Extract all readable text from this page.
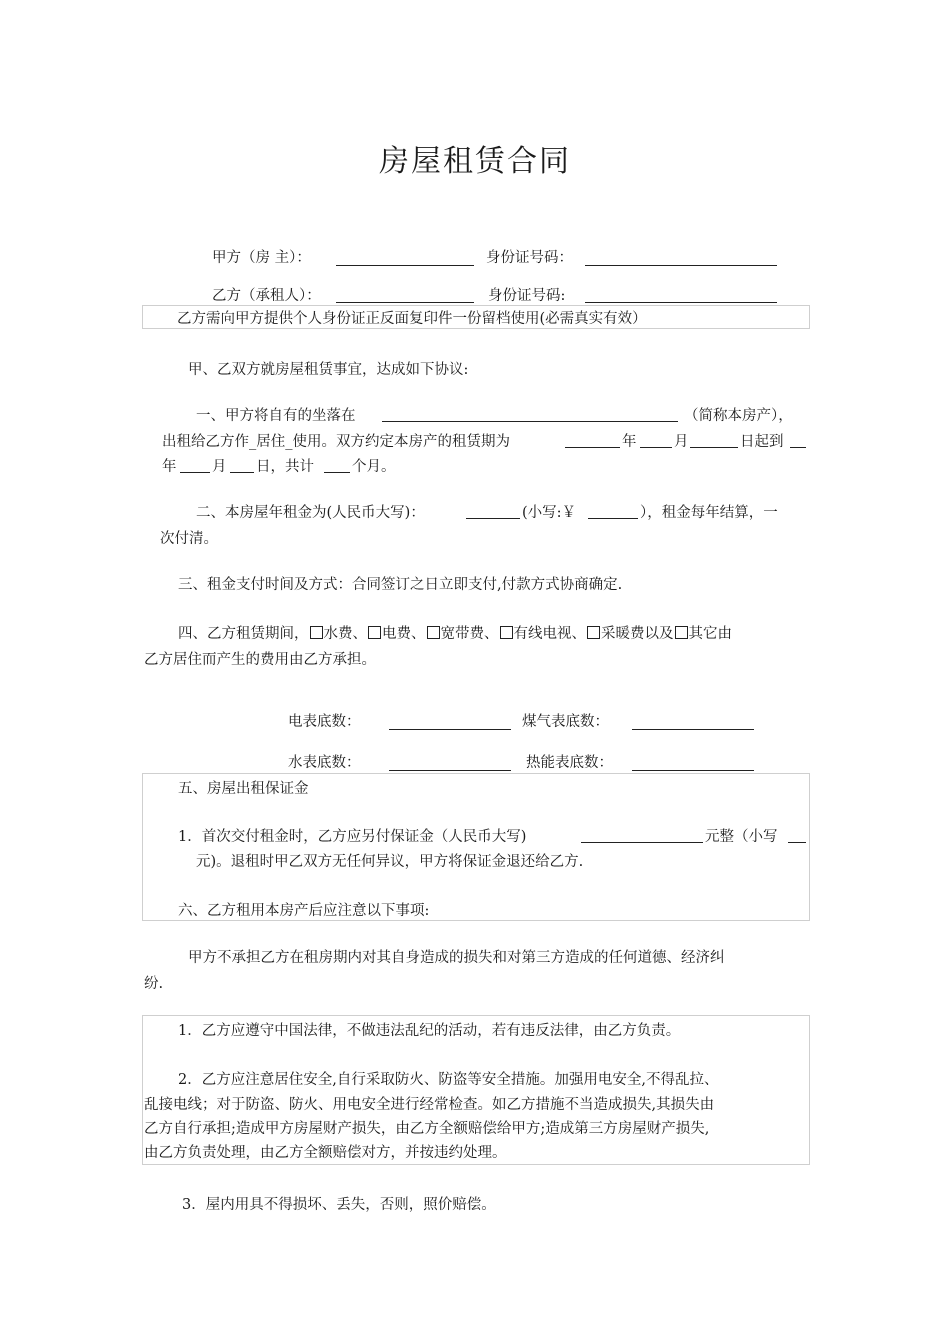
房屋租赁合同
甲方（房 主）：	身份证号码：
乙方（承租人）：	身份证号码:
乙方需向甲方提供个人身份证正反面复印件一份留档使用(必需真实有效）
甲、乙双方就房屋租赁事宜，达成如下协议:
一、甲方将自有的坐落在	（简称本房产），
出租给乙方作_居住_使用。双方约定本房产的租赁期为	年	月	日起到
年 月 日，共计	个月。
二、本房屋年租金为(人民币大写)：	(小写:￥	），租金每年结算，一
次付清。
三、租金支付时间及方式：合同签订之日立即支付,付款方式协商确定.
四、乙方租赁期间， 水费、 电费、 宽带费、 有线电视、 采暖费以及 其它由
乙方居住而产生的费用由乙方承担。
电表底数：	煤气表底数：
水表底数：	热能表底数：
五、房屋出租保证金
1．首次交付租金时，乙方应另付保证金（人民币大写)	元整（小写
元)。退租时甲乙双方无任何异议，甲方将保证金退还给乙方.
六、乙方租用本房产后应注意以下事项:
甲方不承担乙方在租房期内对其自身造成的损失和对第三方造成的任何道德、经济纠
纷.
1．乙方应遵守中国法律，不做违法乱纪的活动，若有违反法律，由乙方负责。
2．乙方应注意居住安全,自行采取防火、防盗等安全措施。加强用电安全,不得乱拉、
乱接电线；对于防盗、防火、用电安全进行经常检查。如乙方措施不当造成损失,其损失由
乙方自行承担;造成甲方房屋财产损失，由乙方全额赔偿给甲方;造成第三方房屋财产损失,
由乙方负责处理，由乙方全额赔偿对方，并按违约处理。
3．屋内用具不得损坏、丢失，否则，照价赔偿。
